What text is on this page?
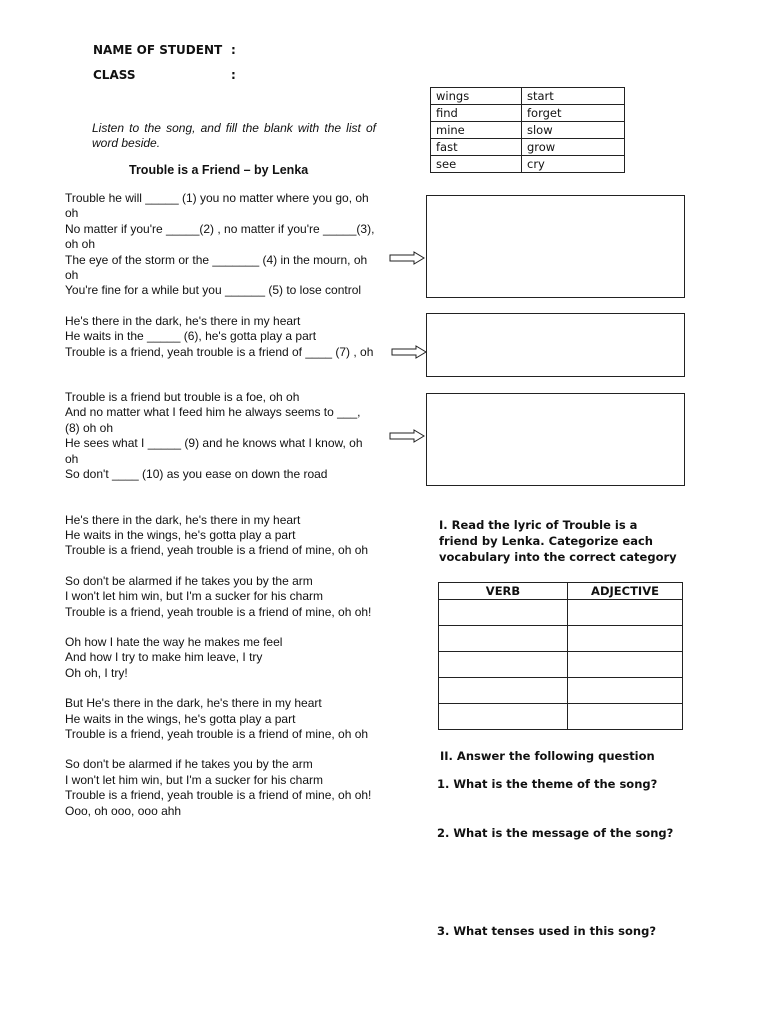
NAME OF STUDENT :
CLASS	:
Listen to the song, and fill the blank with the list of word beside.
Trouble is a Friend – by Lenka
wings	start
find	forget
mine	slow
fast	grow
see	cry
Trouble he will _____ (1) you no matter where you go, oh oh
No matter if you're _____(2) , no matter if you're _____(3), oh oh
The eye of the storm or the _______ (4) in the mourn, oh oh
You're fine for a while but you ______ (5) to lose control
He's there in the dark, he's there in my heart
He waits in the _____ (6), he's gotta play a part
Trouble is a friend, yeah trouble is a friend of ____ (7) , oh
Trouble is a friend but trouble is a foe, oh oh
And no matter what I feed him he always seems to ___, (8) oh oh
He sees what I _____ (9) and he knows what I know, oh oh
So don't ____ (10) as you ease on down the road
He's there in the dark, he's there in my heart
He waits in the wings, he's gotta play a part
Trouble is a friend, yeah trouble is a friend of mine, oh oh
So don't be alarmed if he takes you by the arm
I won't let him win, but I'm a sucker for his charm
Trouble is a friend, yeah trouble is a friend of mine, oh oh!
Oh how I hate the way he makes me feel
And how I try to make him leave, I try
Oh oh, I try!
But He's there in the dark, he's there in my heart
He waits in the wings, he's gotta play a part
Trouble is a friend, yeah trouble is a friend of mine, oh oh
So don't be alarmed if he takes you by the arm
I won't let him win, but I'm a sucker for his charm
Trouble is a friend, yeah trouble is a friend of mine, oh oh!
Ooo, oh ooo, ooo ahh
I. Read the lyric of Trouble is a friend by Lenka. Categorize each vocabulary into the correct category
VERB	ADJECTIVE

II. Answer the following question
1. What is the theme of the song?
2. What is the message of the song?
3. What tenses used in this song?
